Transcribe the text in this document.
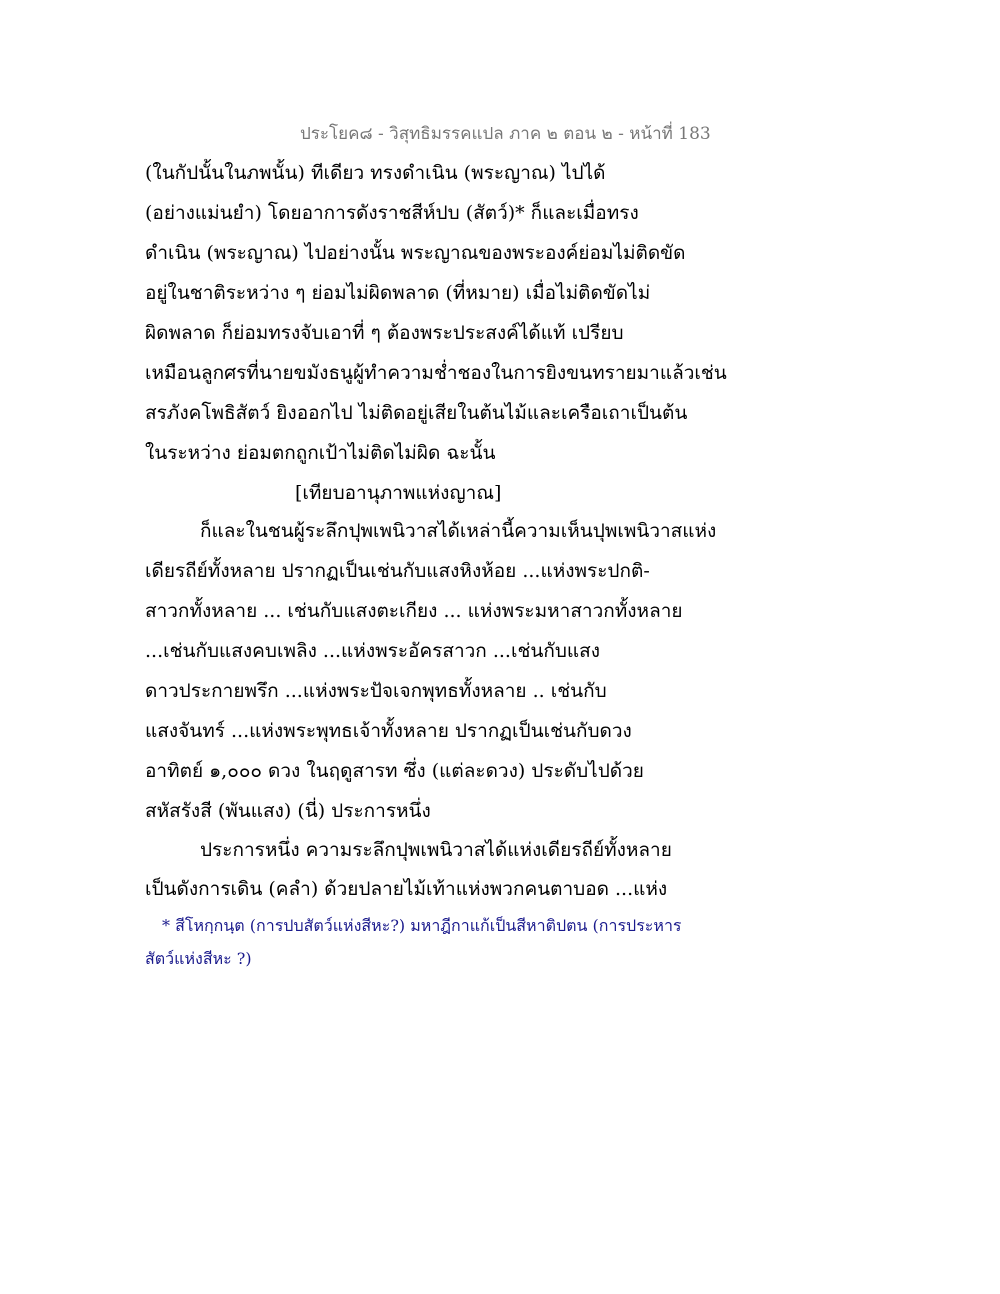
ประโยค๘ - วิสุทธิมรรคแปล ภาค ๒ ตอน ๒ - หน้าที่ 183
(ในกัปนั้นในภพนั้น) ทีเดียว ทรงดำเนิน (พระญาณ) ไปได้
(อย่างแม่นยำ) โดยอาการดังราชสีห์ปบ (สัตว์)* ก็และเมื่อทรง
ดำเนิน (พระญาณ) ไปอย่างนั้น พระญาณของพระองค์ย่อมไม่ติดขัด
อยู่ในชาติระหว่าง ๆ ย่อมไม่ผิดพลาด (ที่หมาย) เมื่อไม่ติดขัดไม่
ผิดพลาด ก็ย่อมทรงจับเอาที่ ๆ ต้องพระประสงค์ได้แท้ เปรียบ
เหมือนลูกศรที่นายขมังธนูผู้ทำความช่ำชองในการยิงขนทรายมาแล้วเช่น
สรภังคโพธิสัตว์ ยิงออกไป ไม่ติดอยู่เสียในต้นไม้และเครือเถาเป็นต้น
ในระหว่าง ย่อมตกถูกเป้าไม่ติดไม่ผิด ฉะนั้น
[เทียบอานุภาพแห่งญาณ]
ก็และในชนผู้ระลึกปุพเพนิวาสได้เหล่านี้ความเห็นปุพเพนิวาสแห่ง
เดียรถีย์ทั้งหลาย ปรากฏเป็นเช่นกับแสงหิงห้อย ...แห่งพระปกติ-
สาวกทั้งหลาย ... เช่นกับแสงตะเกียง ... แห่งพระมหาสาวกทั้งหลาย
...เช่นกับแสงคบเพลิง ...แห่งพระอัครสาวก ...เช่นกับแสง
ดาวประกายพรึก ...แห่งพระปัจเจกพุทธทั้งหลาย .. เช่นกับ
แสงจันทร์ ...แห่งพระพุทธเจ้าทั้งหลาย ปรากฏเป็นเช่นกับดวง
อาทิตย์ ๑,๐๐๐ ดวง ในฤดูสารท ซึ่ง (แต่ละดวง) ประดับไปด้วย
สหัสรังสี (พันแสง) (นี่) ประการหนึ่ง
ประการหนึ่ง ความระลึกปุพเพนิวาสได้แห่งเดียรถีย์ทั้งหลาย
เป็นดังการเดิน (คลำ) ด้วยปลายไม้เท้าแห่งพวกคนตาบอด ...แห่ง
* สีโหกฺกนฺต (การปบสัตว์แห่งสีหะ?) มหาฎีกาแก้เป็นสีหาติปตน (การประหาร
สัตว์แห่งสีหะ ?)
